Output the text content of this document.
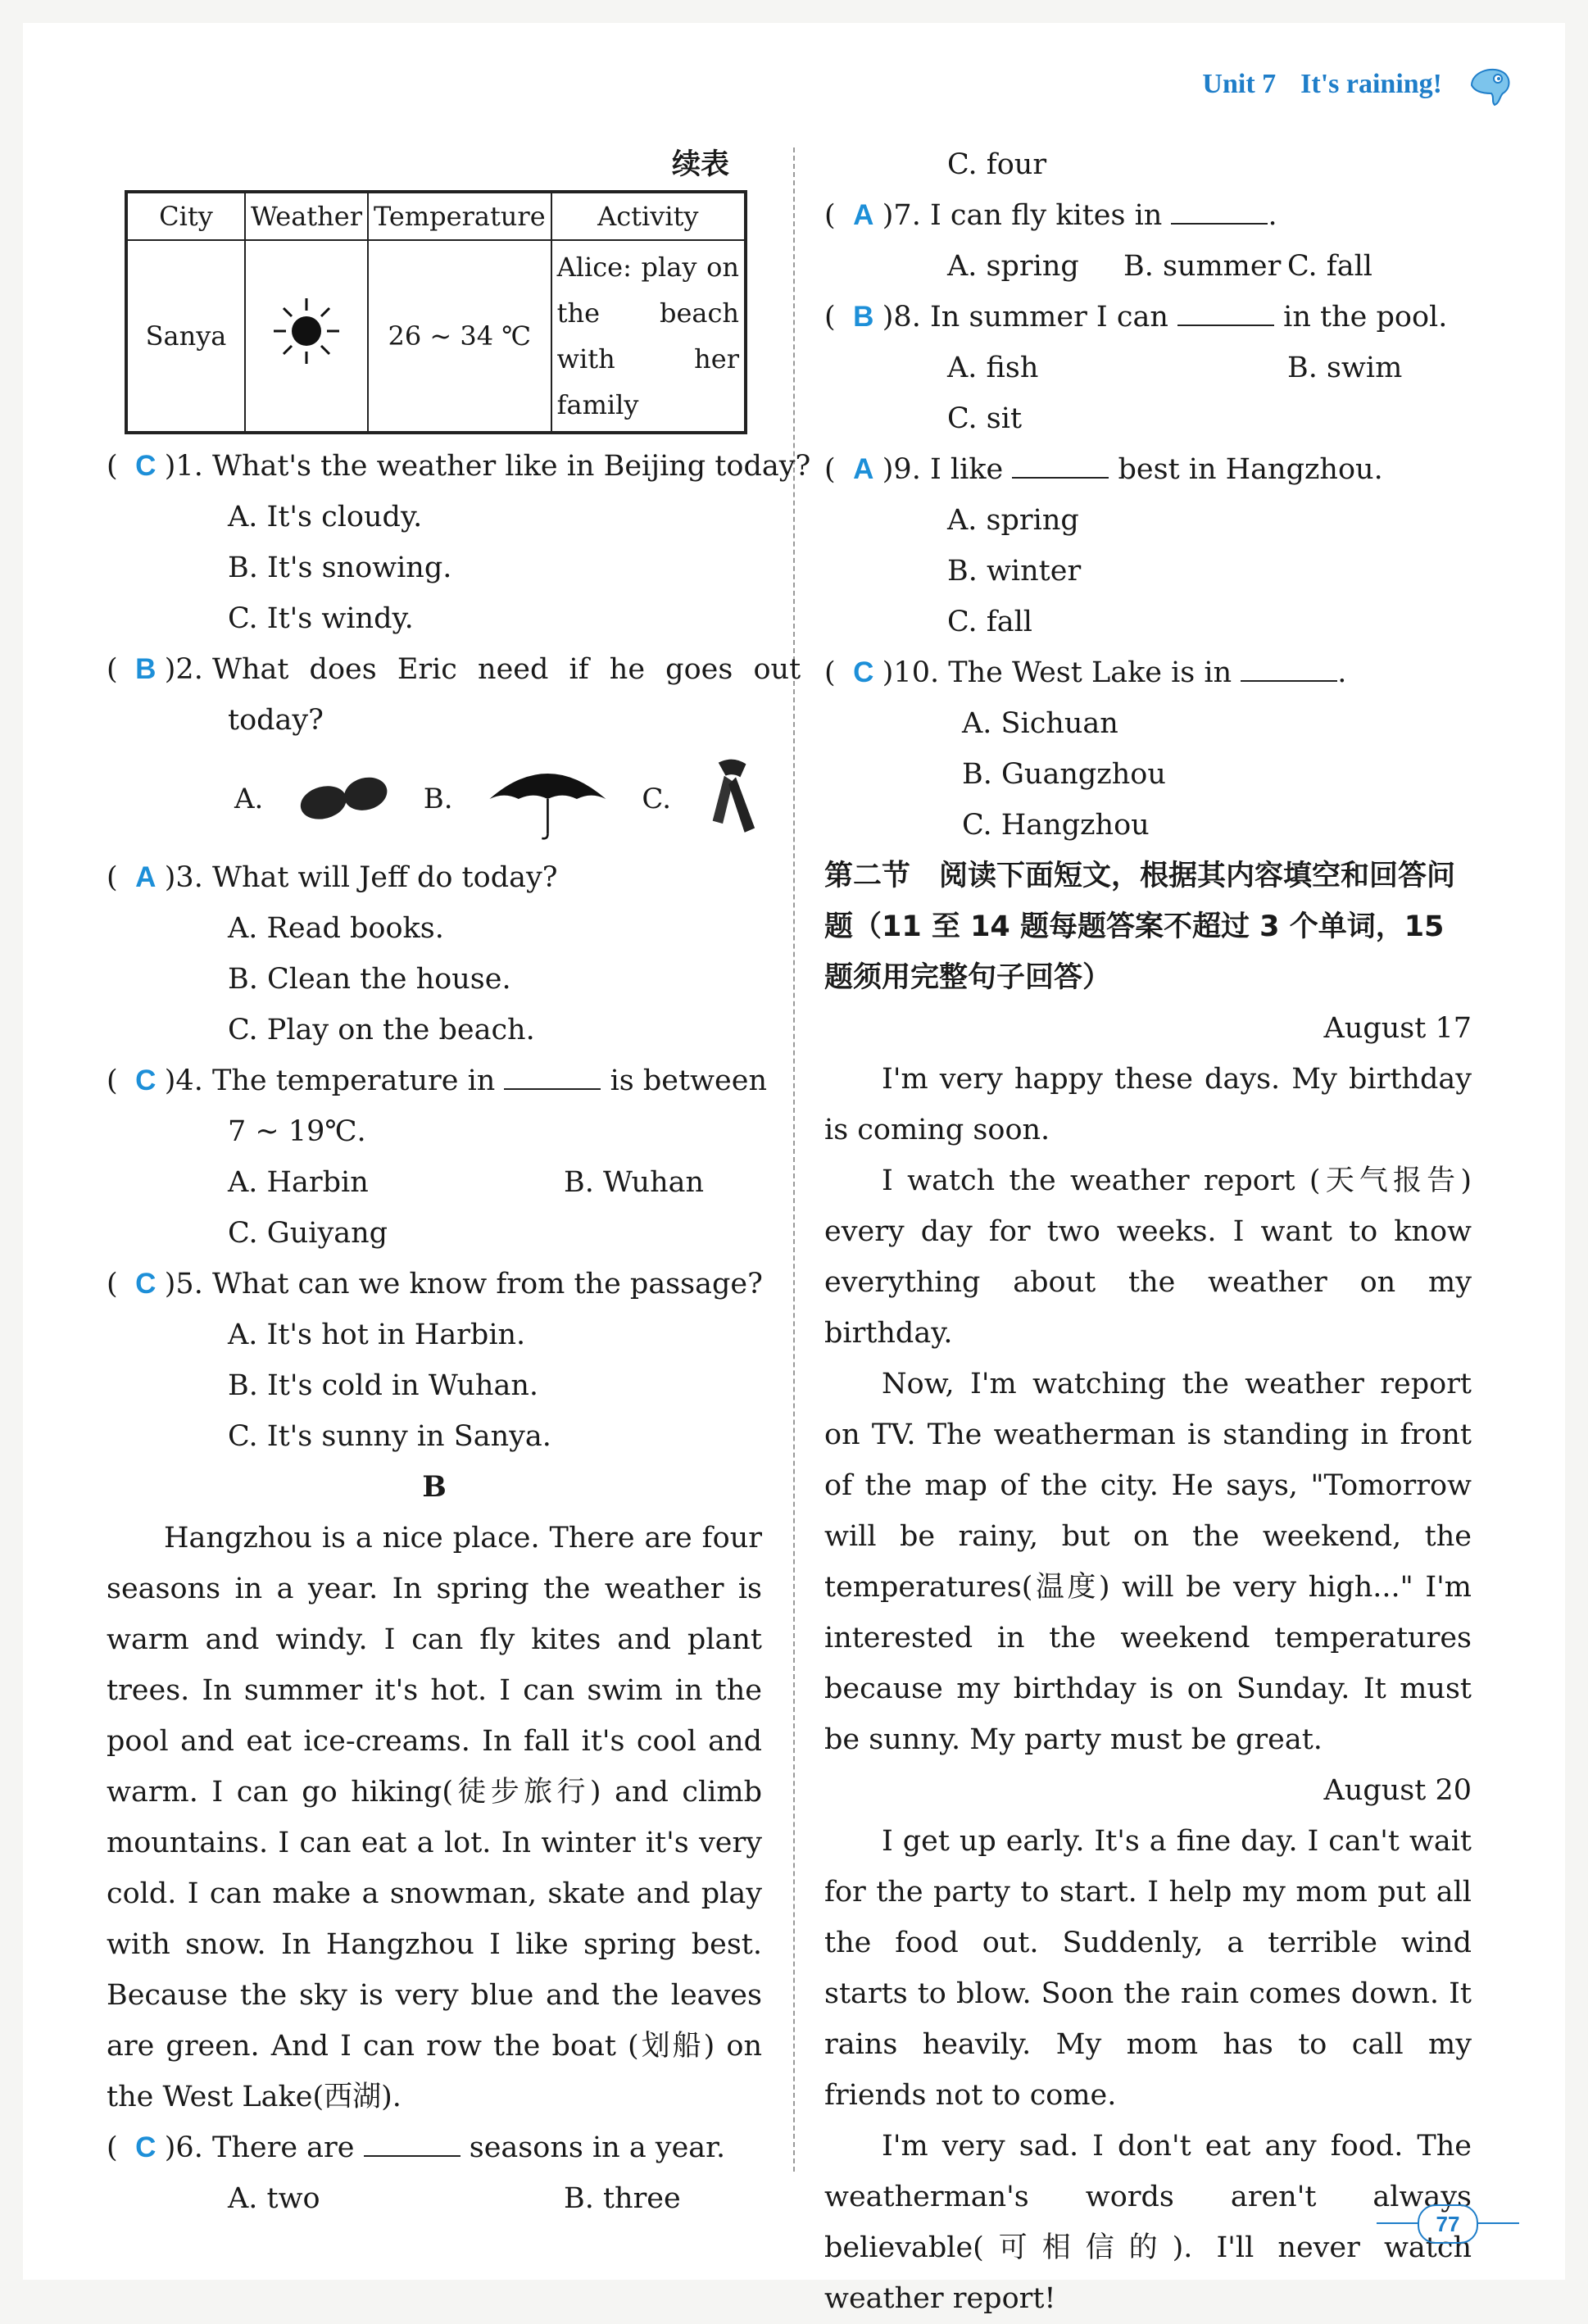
Unit 7 It's raining!
续表
City	Weather	Temperature	Activity
Sanya		26 ~ 34 ℃	Alice: play on the beach with her family
( C )1. What's the weather like in Beijing today?
A. It's cloudy.
B. It's snowing.
C. It's windy.
( B )2. What does Eric need if he goes out
today?
A.	B.	C.
( A )3. What will Jeff do today?
A. Read books.
B. Clean the house.
C. Play on the beach.
( C )4. The temperature in	is between
7 ~ 19℃.
A. Harbin	B. Wuhan
C. Guiyang
( C )5. What can we know from the passage?
A. It's hot in Harbin.
B. It's cold in Wuhan.
C. It's sunny in Sanya.
B
Hangzhou is a nice place. There are four seasons in a year. In spring the weather is warm and windy. I can fly kites and plant trees. In summer it's hot. I can swim in the pool and eat ice-creams. In fall it's cool and warm. I can go hiking(徒步旅行) and climb mountains. I can eat a lot. In winter it's very cold. I can make a snowman, skate and play with snow. In Hangzhou I like spring best. Because the sky is very blue and the leaves are green. And I can row the boat (划船) on the West Lake(西湖).
( C )6. There are	seasons in a year.
A. two	B. three
C. four
( A )7. I can fly kites in	.
A. spring B. summer C. fall
( B )8. In summer I can	in the pool.
A. fish	B. swim
C. sit
( A )9. I like	best in Hangzhou.
A. spring
B. winter
C. fall
( C )10. The West Lake is in	.
A. Sichuan
B. Guangzhou
C. Hangzhou
第二节　阅读下面短文，根据其内容填空和回答问题（11 至 14 题每题答案不超过 3 个单词，15 题须用完整句子回答）
August 17
I'm very happy these days. My birthday is coming soon.
I watch the weather report (天气报告) every day for two weeks. I want to know everything about the weather on my birthday.
Now, I'm watching the weather report on TV. The weatherman is standing in front of the map of the city. He says, "Tomorrow will be rainy, but on the weekend, the temperatures(温度) will be very high..." I'm interested in the weekend temperatures because my birthday is on Sunday. It must be sunny. My party must be great.
August 20
I get up early. It's a fine day. I can't wait for the party to start. I help my mom put all the food out. Suddenly, a terrible wind starts to blow. Soon the rain comes down. It rains heavily. My mom has to call my friends not to come.
I'm very sad. I don't eat any food. The weatherman's words aren't always believable(可相信的). I'll never watch weather report!
77
